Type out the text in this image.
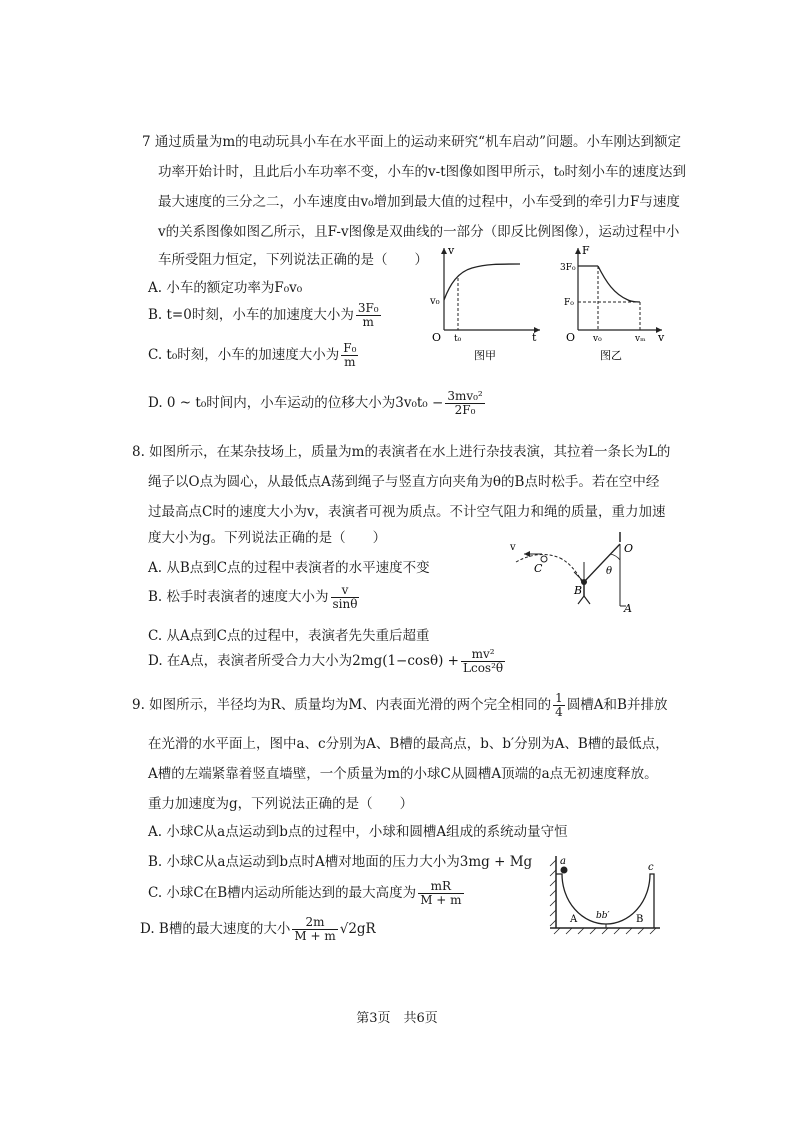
7 通过质量为m的电动玩具小车在水平面上的运动来研究“机车启动”问题。小车刚达到额定
功率开始计时，且此后小车功率不变，小车的v-t图像如图甲所示，t₀时刻小车的速度达到
最大速度的三分之二，小车速度由v₀增加到最大值的过程中，小车受到的牵引力F与速度
v的关系图像如图乙所示，且F-v图像是双曲线的一部分（即反比例图像），运动过程中小
车所受阻力恒定，下列说法正确的是（　　）
A. 小车的额定功率为F₀v₀
B. t=0时刻，小车的加速度大小为 $\frac{\text{3F₀}}{m}$
C. t₀时刻，小车的加速度大小为 $\frac{\text{F₀}}{m}$
D. 0 ~ t₀时间内，小车运动的位移大小为$3v_0t_0 - \frac{\text{3mv₀²}}{\text{2F₀}}$
v
v₀
O t₀	t
图甲
F
3F₀
F₀
O v₀	vₘ v
图乙
8. 如图所示，在某杂技场上，质量为m的表演者在水上进行杂技表演，其拉着一条长为L的
绳子以O点为圆心，从最低点A荡到绳子与竖直方向夹角为θ的B点时松手。若在空中经
过最高点C时的速度大小为v，表演者可视为质点。不计空气阻力和绳的质量，重力加速
度大小为g。下列说法正确的是（　　）
A. 从B点到C点的过程中表演者的水平速度不变
B. 松手时表演者的速度大小为 $\frac{v}{\sin\theta}$
C. 从A点到C点的过程中，表演者先失重后超重
D. 在A点，表演者所受合力大小为$2mg(1-\cos\theta) + \frac{\text{mv²}}{\text{Lcos²θ}}$
v
C
B
A
O
θ
9. 如图所示，半径均为R、质量均为M、内表面光滑的两个完全相同的 $\frac{1}{4}$ 圆槽A和B并排放
在光滑的水平面上，图中a、c分别为A、B槽的最高点，b、b′分别为A、B槽的最低点，
A槽的左端紧靠着竖直墙壁，一个质量为m的小球C从圆槽A顶端的a点无初速度释放。
重力加速度为g，下列说法正确的是（　　）
A. 小球C从a点运动到b点的过程中，小球和圆槽A组成的系统动量守恒
B. 小球C从a点运动到b点时A槽对地面的压力大小为3mg + Mg
C. 小球C在B槽内运动所能达到的最大高度为 $\frac{mR}{M + m}$
D. B槽的最大速度的大小 $\frac{2m}{M + m} √2gR$
a
c
bb′
A	B
第3页　共6页
